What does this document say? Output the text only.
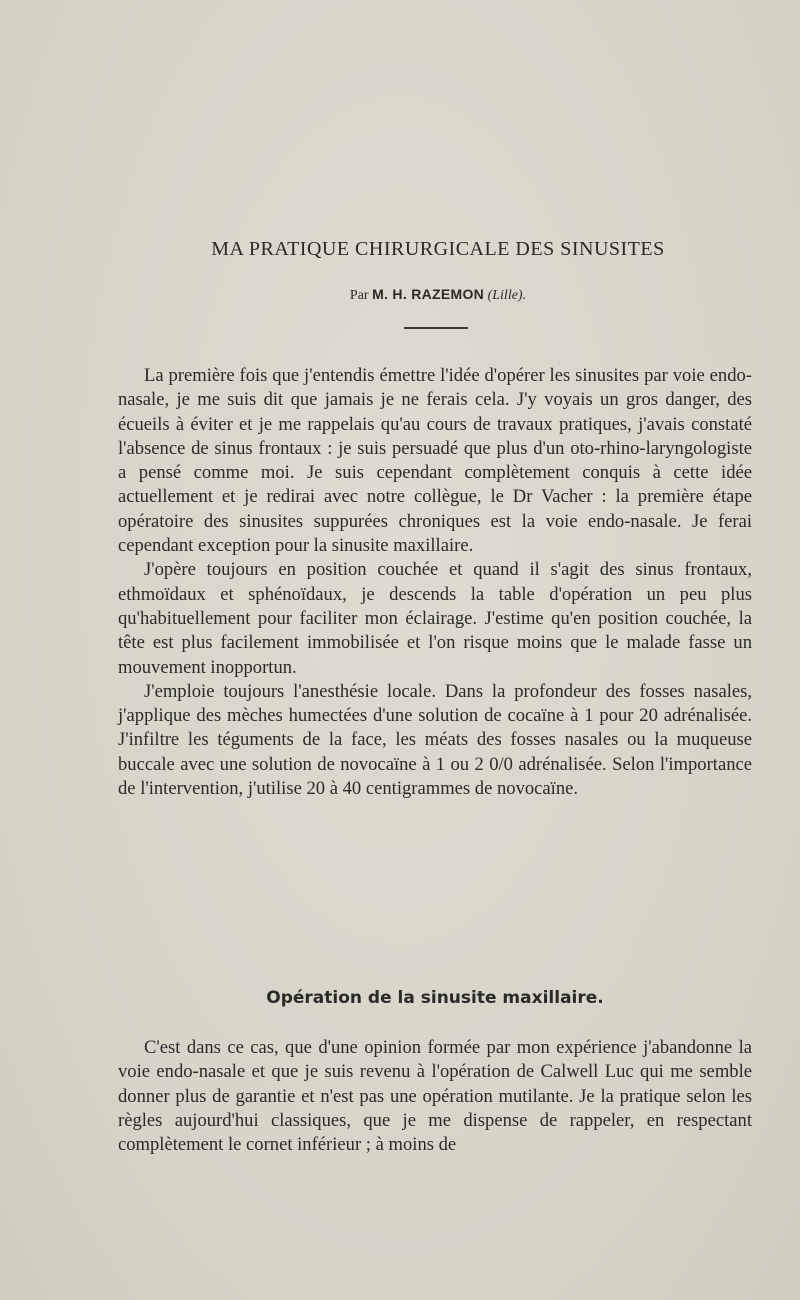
MA PRATIQUE CHIRURGICALE DES SINUSITES
Par M. H. RAZEMON (Lille).

La première fois que j'entendis émettre l'idée d'opérer les sinusites par voie endo-nasale, je me suis dit que jamais je ne ferais cela. J'y voyais un gros danger, des écueils à éviter et je me rappelais qu'au cours de travaux pratiques, j'avais constaté l'absence de sinus frontaux : je suis persuadé que plus d'un oto-rhino-laryngologiste a pensé comme moi. Je suis cependant complètement conquis à cette idée actuellement et je redirai avec notre collègue, le Dr Vacher : la première étape opératoire des sinusites suppurées chroniques est la voie endo-nasale. Je ferai cependant exception pour la sinusite maxillaire.

J'opère toujours en position couchée et quand il s'agit des sinus frontaux, ethmoïdaux et sphénoïdaux, je descends la table d'opération un peu plus qu'habituellement pour faciliter mon éclairage. J'estime qu'en position couchée, la tête est plus facilement immobilisée et l'on risque moins que le malade fasse un mouvement inopportun.

J'emploie toujours l'anesthésie locale. Dans la profondeur des fosses nasales, j'applique des mèches humectées d'une solution de cocaïne à 1 pour 20 adrénalisée. J'infiltre les téguments de la face, les méats des fosses nasales ou la muqueuse buccale avec une solution de novocaïne à 1 ou 2 0/0 adrénalisée. Selon l'importance de l'intervention, j'utilise 20 à 40 centigrammes de novocaïne.

Opération de la sinusite maxillaire.

C'est dans ce cas, que d'une opinion formée par mon expérience j'abandonne la voie endo-nasale et que je suis revenu à l'opération de Calwell Luc qui me semble donner plus de garantie et n'est pas une opération mutilante. Je la pratique selon les règles aujourd'hui classiques, que je me dispense de rappeler, en respectant complètement le cornet inférieur ; à moins de
